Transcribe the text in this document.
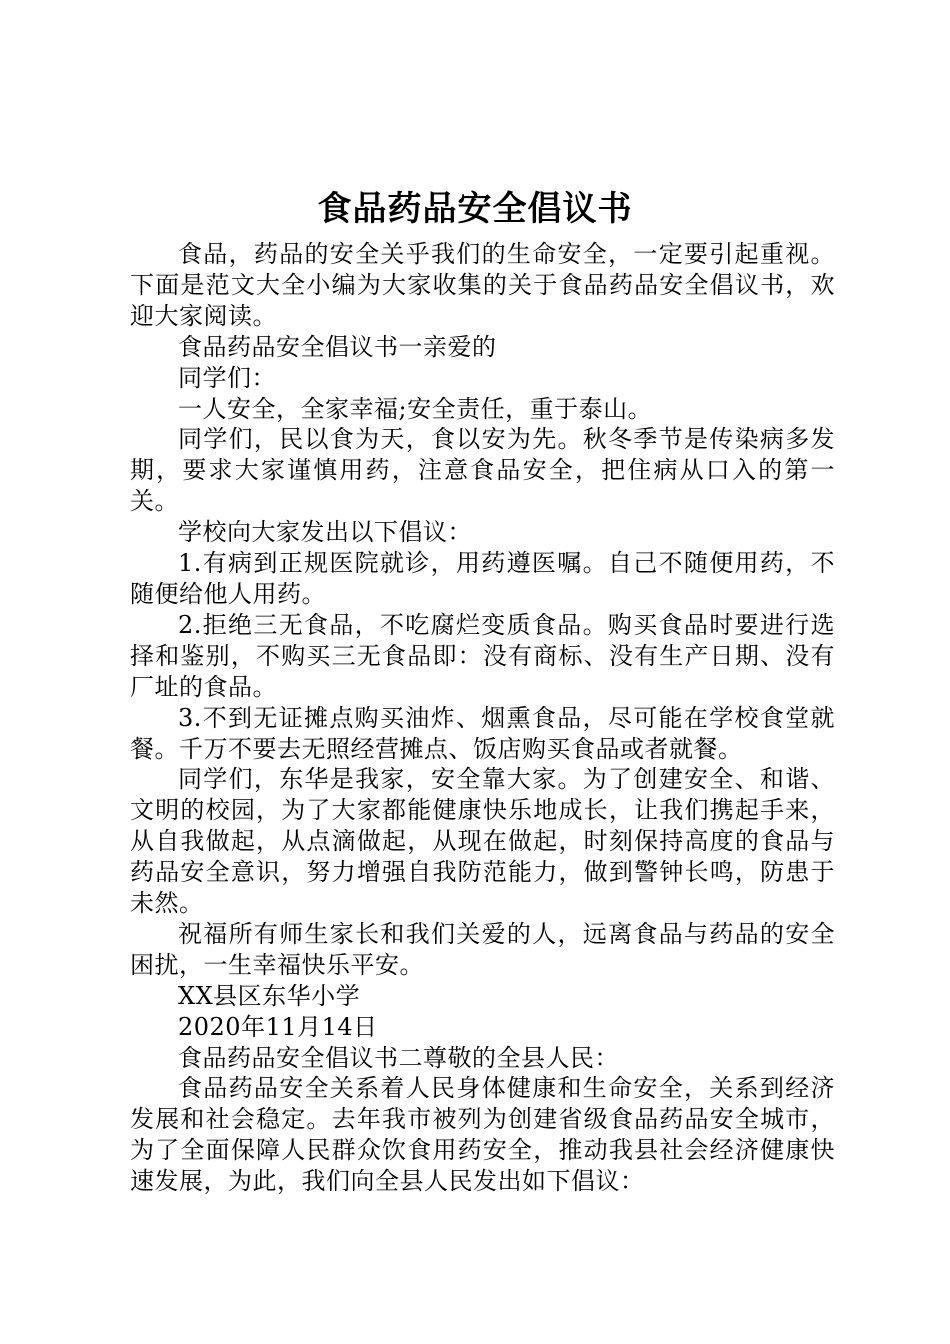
食品药品安全倡议书

食品，药品的安全关乎我们的生命安全，一定要引起重视。下面是范文大全小编为大家收集的关于食品药品安全倡议书，欢迎大家阅读。

食品药品安全倡议书一亲爱的

同学们：

一人安全，全家幸福;安全责任，重于泰山。

同学们，民以食为天，食以安为先。秋冬季节是传染病多发期，要求大家谨慎用药，注意食品安全，把住病从口入的第一关。

学校向大家发出以下倡议：

1.有病到正规医院就诊，用药遵医嘱。自己不随便用药，不随便给他人用药。

2.拒绝三无食品，不吃腐烂变质食品。购买食品时要进行选择和鉴别，不购买三无食品即：没有商标、没有生产日期、没有厂址的食品。

3.不到无证摊点购买油炸、烟熏食品，尽可能在学校食堂就餐。千万不要去无照经营摊点、饭店购买食品或者就餐。

同学们，东华是我家，安全靠大家。为了创建安全、和谐、文明的校园，为了大家都能健康快乐地成长，让我们携起手来，从自我做起，从点滴做起，从现在做起，时刻保持高度的食品与药品安全意识，努力增强自我防范能力，做到警钟长鸣，防患于未然。

祝福所有师生家长和我们关爱的人，远离食品与药品的安全困扰，一生幸福快乐平安。

XX县区东华小学

2020年11月14日

食品药品安全倡议书二尊敬的全县人民：

食品药品安全关系着人民身体健康和生命安全，关系到经济发展和社会稳定。去年我市被列为创建省级食品药品安全城市，为了全面保障人民群众饮食用药安全，推动我县社会经济健康快速发展，为此，我们向全县人民发出如下倡议：
